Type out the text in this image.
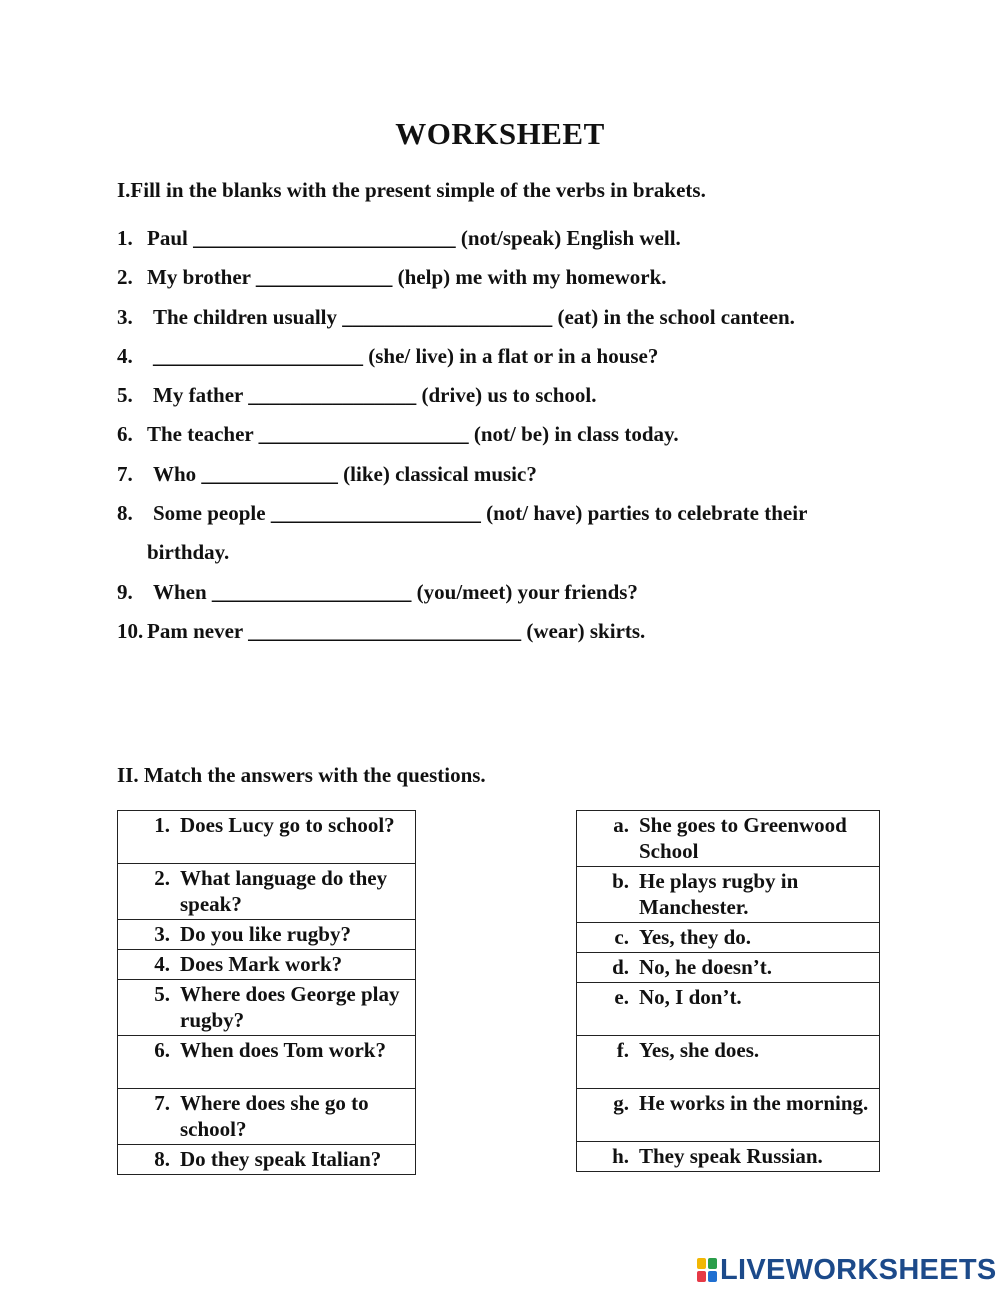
WORKSHEET
I.Fill in the blanks with the present simple of the verbs in brakets.
1. Paul _________________________ (not/speak) English well.
2. My brother _____________ (help) me with my homework.
3. The children usually ____________________ (eat) in the school canteen.
4. ____________________ (she/ live) in a flat or in a house?
5. My father ________________ (drive) us to school.
6. The teacher ____________________ (not/ be) in class today.
7. Who _____________ (like) classical music?
8. Some people ____________________ (not/ have) parties to celebrate their
birthday.
9. When ___________________ (you/meet) your friends?
10. Pam never __________________________ (wear) skirts.
II. Match the answers with the questions.
1. Does Lucy go to school?

2. What language do they speak?

3. Do you like rugby?

4. Does Mark work?

5. Where does George play rugby?

6. When does Tom work?

7. Where does she go to school?

8. Do they speak Italian?
a. She goes to Greenwood School

b. He plays rugby in Manchester.

c. Yes, they do.

d. No, he doesn’t.

e. No, I don’t.

f. Yes, she does.

g. He works in the morning.

h. They speak Russian.
LIVEWORKSHEETS
